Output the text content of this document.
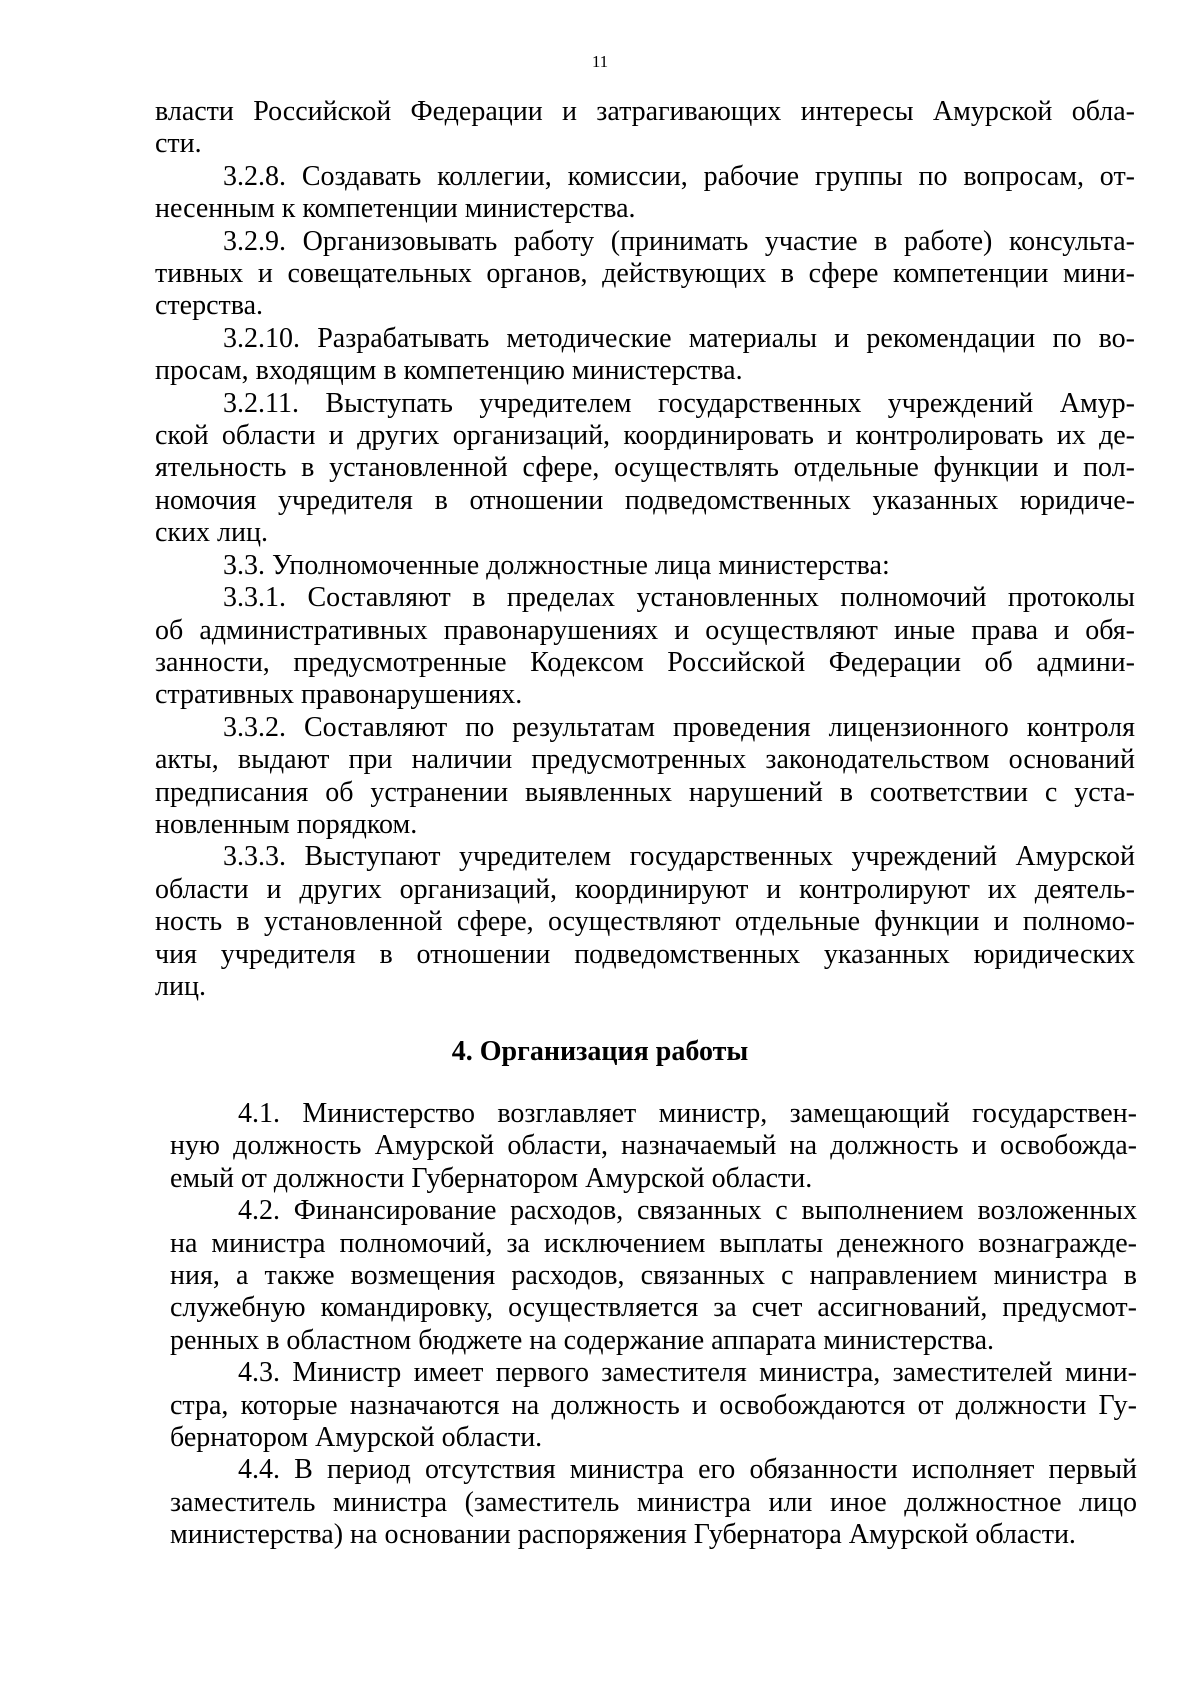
11
власти Российской Федерации и затрагивающих интересы Амурской обла-
сти.
3.2.8. Создавать коллегии, комиссии, рабочие группы по вопросам, от-
несенным к компетенции министерства.
3.2.9. Организовывать работу (принимать участие в работе) консульта-
тивных и совещательных органов, действующих в сфере компетенции мини-
стерства.
3.2.10. Разрабатывать методические материалы и рекомендации по во-
просам, входящим в компетенцию министерства.
3.2.11. Выступать учредителем государственных учреждений Амур-
ской области и других организаций, координировать и контролировать их де-
ятельность в установленной сфере, осуществлять отдельные функции и пол-
номочия учредителя в отношении подведомственных указанных юридиче-
ских лиц.
3.3. Уполномоченные должностные лица министерства:
3.3.1. Составляют в пределах установленных полномочий протоколы
об административных правонарушениях и осуществляют иные права и обя-
занности, предусмотренные Кодексом Российской Федерации об админи-
стративных правонарушениях.
3.3.2. Составляют по результатам проведения лицензионного контроля
акты, выдают при наличии предусмотренных законодательством оснований
предписания об устранении выявленных нарушений в соответствии с уста-
новленным порядком.
3.3.3. Выступают учредителем государственных учреждений Амурской
области и других организаций, координируют и контролируют их деятель-
ность в установленной сфере, осуществляют отдельные функции и полномо-
чия учредителя в отношении подведомственных указанных юридических
лиц.
4. Организация работы
4.1. Министерство возглавляет министр, замещающий государствен-
ную должность Амурской области, назначаемый на должность и освобожда-
емый от должности Губернатором Амурской области.
4.2. Финансирование расходов, связанных с выполнением возложенных
на министра полномочий, за исключением выплаты денежного вознагражде-
ния, а также возмещения расходов, связанных с направлением министра в
служебную командировку, осуществляется за счет ассигнований, предусмот-
ренных в областном бюджете на содержание аппарата министерства.
4.3. Министр имеет первого заместителя министра, заместителей мини-
стра, которые назначаются на должность и освобождаются от должности Гу-
бернатором Амурской области.
4.4. В период отсутствия министра его обязанности исполняет первый
заместитель министра (заместитель министра или иное должностное лицо
министерства) на основании распоряжения Губернатора Амурской области.
